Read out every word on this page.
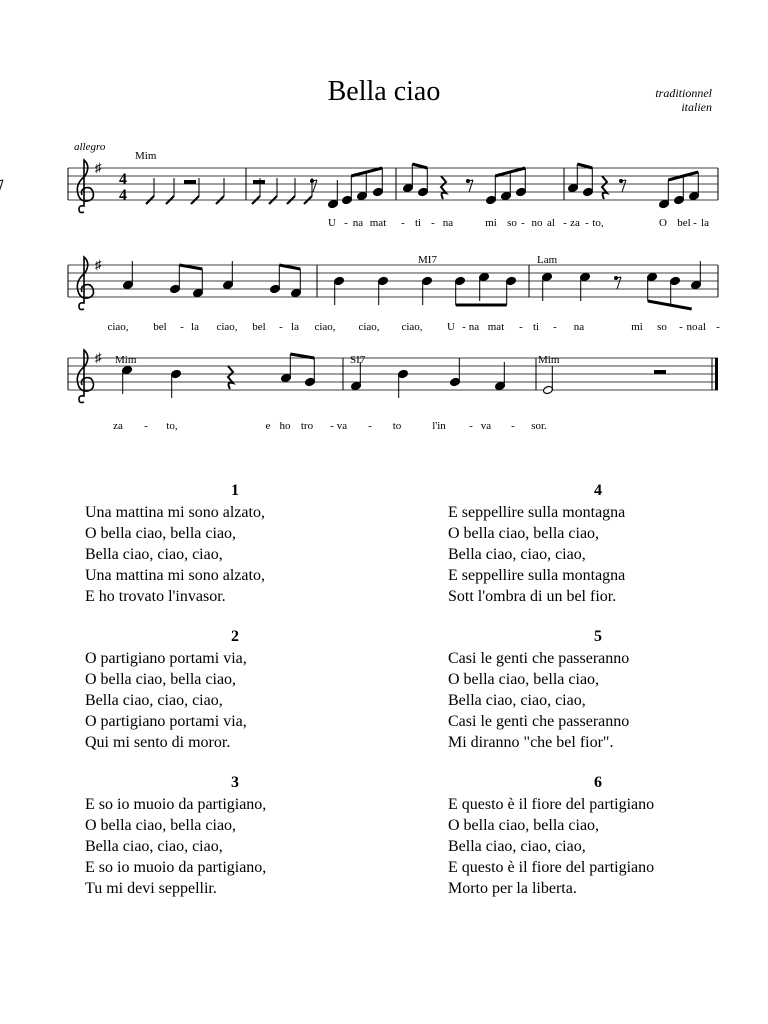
Bella ciao	traditionnel
italien
allegro
♯
♯
♯
4
4
Mim
MI7	Lam
Mim	SI7	Mim
U - na mat - ti - na	mi so - no al - za - to,	O bel - la
ciao, bel - la ciao, bel - la ciao, ciao, ciao, U - na mat - ti - na	mi so - no al -
za - to,	e ho tro - va - to	l'in - va - sor.
1
Una mattina mi sono alzato,
O bella ciao, bella ciao,
Bella ciao, ciao, ciao,
Una mattina mi sono alzato,
E ho trovato l'invasor.
2
O partigiano portami via,
O bella ciao, bella ciao,
Bella ciao, ciao, ciao,
O partigiano portami via,
Qui mi sento di moror.
3
E so io muoio da partigiano,
O bella ciao, bella ciao,
Bella ciao, ciao, ciao,
E so io muoio da partigiano,
Tu mi devi seppellir.
4
E seppellire sulla montagna
O bella ciao, bella ciao,
Bella ciao, ciao, ciao,
E seppellire sulla montagna
Sott l'ombra di un bel fior.
5
Casi le genti che passeranno
O bella ciao, bella ciao,
Bella ciao, ciao, ciao,
Casi le genti che passeranno
Mi diranno "che bel fior".
6
E questo è il fiore del partigiano
O bella ciao, bella ciao,
Bella ciao, ciao, ciao,
E questo è il fiore del partigiano
Morto per la liberta.
